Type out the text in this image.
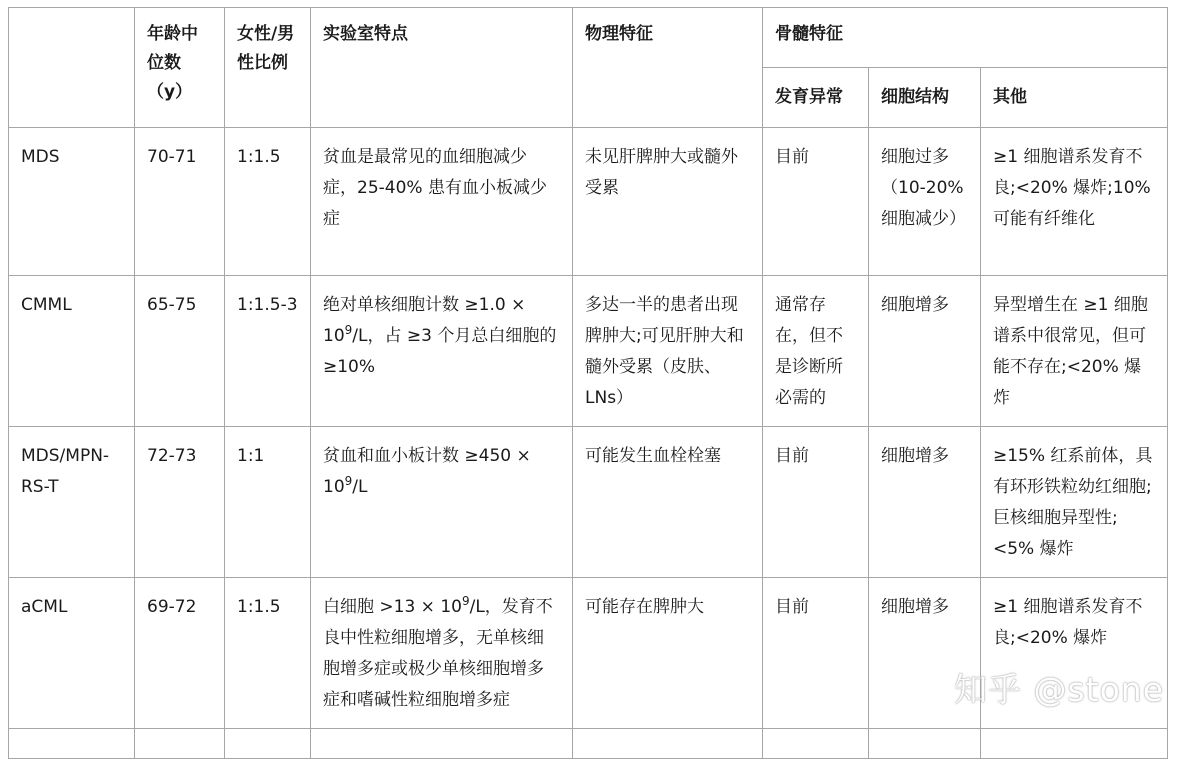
	年龄中位数（y）	女性/男性比例	实验室特点	物理特征	骨髓特征		
					发育异常	细胞结构	其他
MDS	70-71	1:1.5	贫血是最常见的血细胞减少症，25-40% 患有血小板减少症	未见肝脾肿大或髓外受累	目前	细胞过多（10-20% 细胞减少）	≥1 细胞谱系发育不良;<20% 爆炸;10% 可能有纤维化
CMML	65-75	1:1.5-3	绝对单核细胞计数 $\ge 1.0 \times 10^9/L$，占 ≥3 个月总白细胞的 ≥10%	多达一半的患者出现脾肿大;可见肝肿大和髓外受累（皮肤、LNs）	通常存在，但不是诊断所必需的	细胞增多	异型增生在 ≥1 细胞谱系中很常见，但可能不存在;<20% 爆炸
MDS/MPN-RS-T	72-73	1:1	贫血和血小板计数 $\ge 450 \times 10^9/L$	可能发生血栓栓塞	目前	细胞增多	≥15% 红系前体，具有环形铁粒幼红细胞;巨核细胞异型性;<5% 爆炸
aCML	69-72	1:1.5	白细胞 $>13 \times 10^9/L$，发育不良中性粒细胞增多，无单核细胞增多症或极少单核细胞增多症和嗜碱性粒细胞增多症	可能存在脾肿大	目前	细胞增多	≥1 细胞谱系发育不良;<20% 爆炸

知乎 @stone
